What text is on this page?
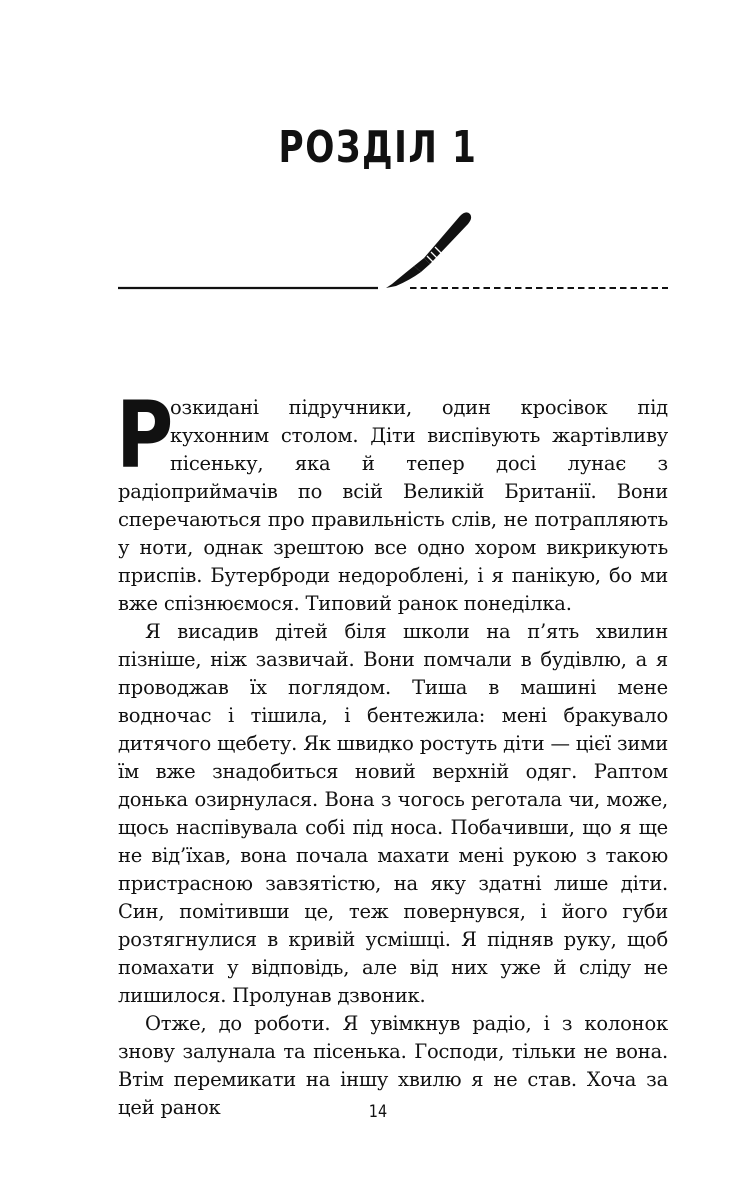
РОЗДІЛ 1

Р
озкидані підручники, один кросівок під кухонним столом. Діти виспівують жартівливу пісеньку, яка й тепер досі лунає з радіоприймачів по всій Великій Британії. Вони сперечаються про правильність слів, не потрапляють у ноти, однак зрештою все одно хором викрикують приспів. Бутерброди недороблені, і я панікую, бо ми вже спізнюємося. Типовий ранок понеділка.

Я висадив дітей біля школи на п’ять хвилин пізніше, ніж зазвичай. Вони помчали в будівлю, а я проводжав їх поглядом. Тиша в машині мене водночас і тішила, і бентежила: мені бракувало дитячого щебету. Як швидко ростуть діти — цієї зими їм вже знадобиться новий верхній одяг. Раптом донька озирнулася. Вона з чогось реготала чи, може, щось наспівувала собі під носа. Побачивши, що я ще не від’їхав, вона почала махати мені рукою з такою пристрасною завзятістю, на яку здатні лише діти. Син, помітивши це, теж повернувся, і його губи розтягнулися в кривій усмішці. Я підняв руку, щоб помахати у відповідь, але від них уже й сліду не лишилося. Пролунав дзвоник.

Отже, до роботи. Я увімкнув радіо, і з колонок знову залунала та пісенька. Господи, тільки не вона. Втім перемикати на іншу хвилю я не став. Хоча за цей ранок	14
